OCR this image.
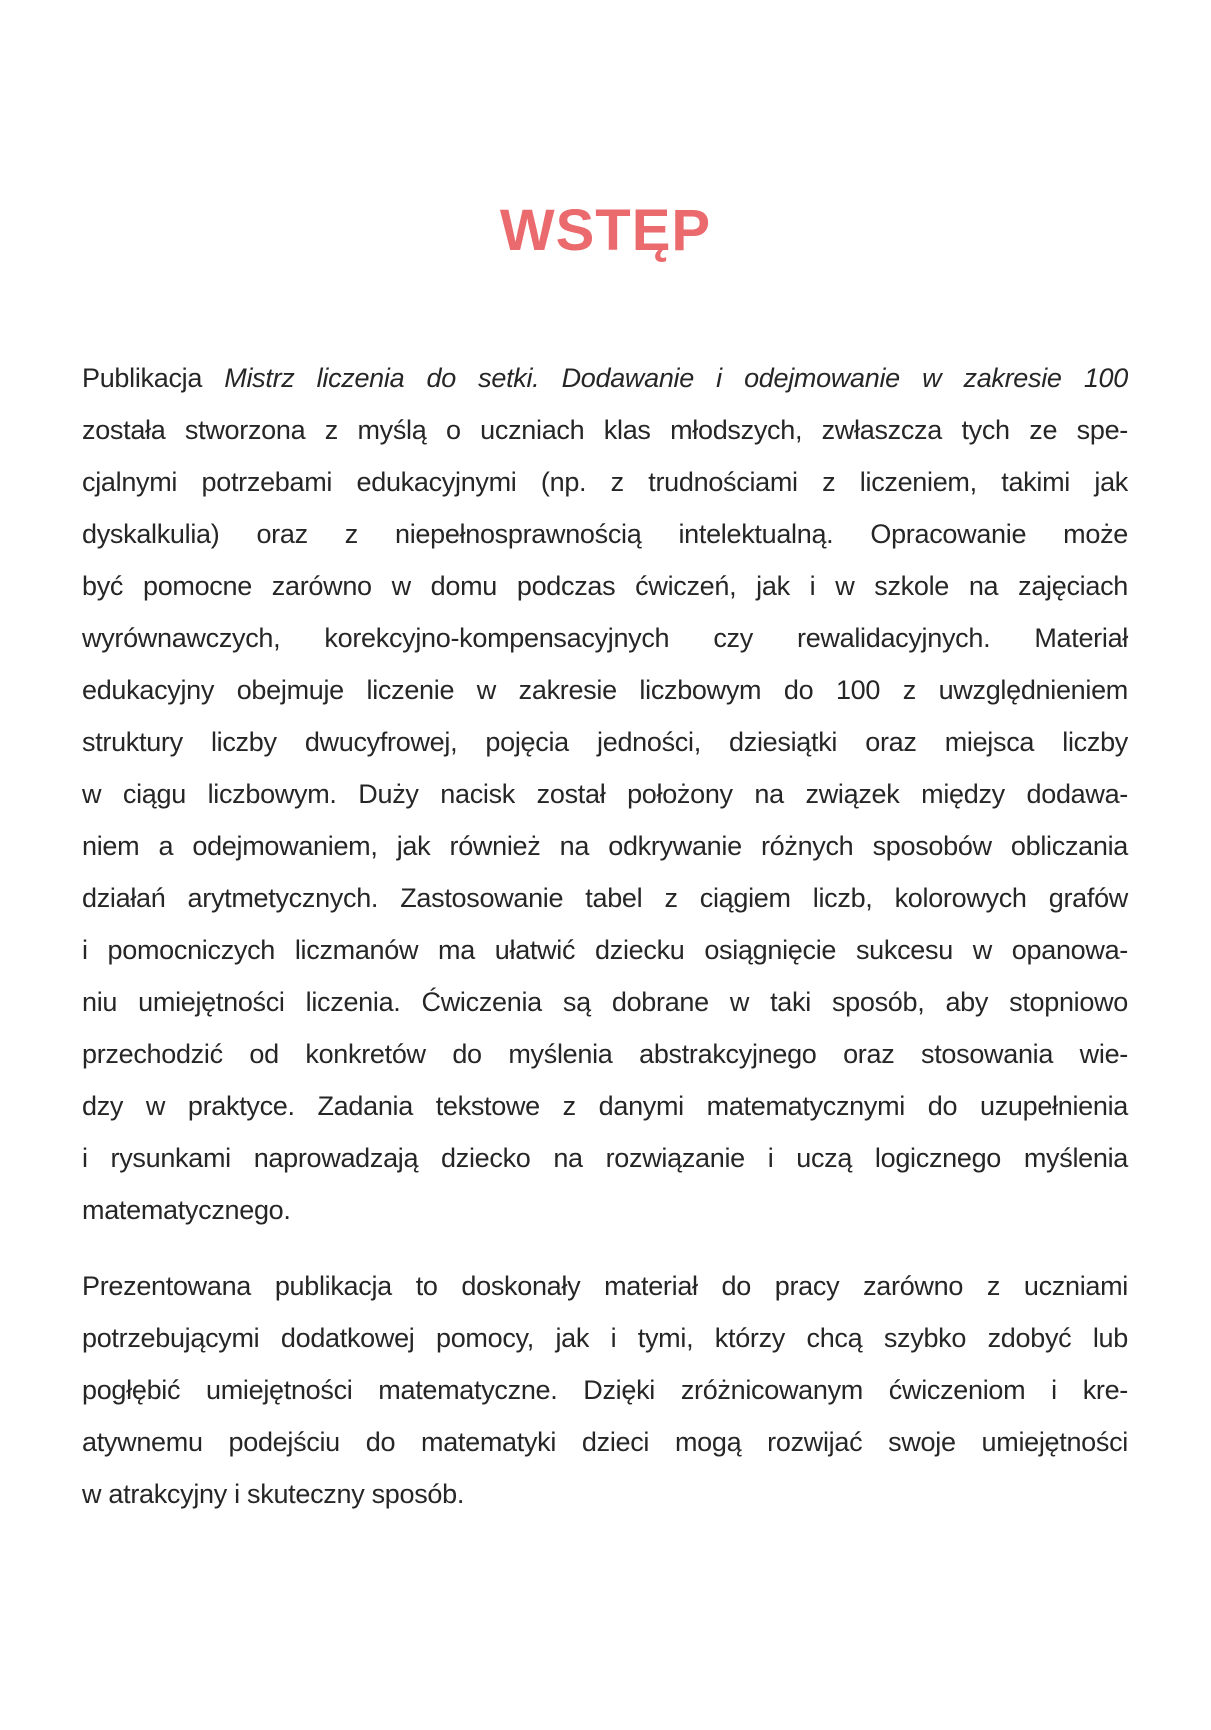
WSTĘP
Publikacja Mistrz liczenia do setki. Dodawanie i odejmowanie w zakresie 100
została stworzona z myślą o uczniach klas młodszych, zwłaszcza tych ze spe-
cjalnymi potrzebami edukacyjnymi (np. z trudnościami z liczeniem, takimi jak
dyskalkulia) oraz z niepełnosprawnością intelektualną. Opracowanie może
być pomocne zarówno w domu podczas ćwiczeń, jak i w szkole na zajęciach
wyrównawczych, korekcyjno-kompensacyjnych czy rewalidacyjnych. Materiał
edukacyjny obejmuje liczenie w zakresie liczbowym do 100 z uwzględnieniem
struktury liczby dwucyfrowej, pojęcia jedności, dziesiątki oraz miejsca liczby
w ciągu liczbowym. Duży nacisk został położony na związek między dodawa-
niem a odejmowaniem, jak również na odkrywanie różnych sposobów obliczania
działań arytmetycznych. Zastosowanie tabel z ciągiem liczb, kolorowych grafów
i pomocniczych liczmanów ma ułatwić dziecku osiągnięcie sukcesu w opanowa-
niu umiejętności liczenia. Ćwiczenia są dobrane w taki sposób, aby stopniowo
przechodzić od konkretów do myślenia abstrakcyjnego oraz stosowania wie-
dzy w praktyce. Zadania tekstowe z danymi matematycznymi do uzupełnienia
i rysunkami naprowadzają dziecko na rozwiązanie i uczą logicznego myślenia
matematycznego.
Prezentowana publikacja to doskonały materiał do pracy zarówno z uczniami
potrzebującymi dodatkowej pomocy, jak i tymi, którzy chcą szybko zdobyć lub
pogłębić umiejętności matematyczne. Dzięki zróżnicowanym ćwiczeniom i kre-
atywnemu podejściu do matematyki dzieci mogą rozwijać swoje umiejętności
w atrakcyjny i skuteczny sposób.
